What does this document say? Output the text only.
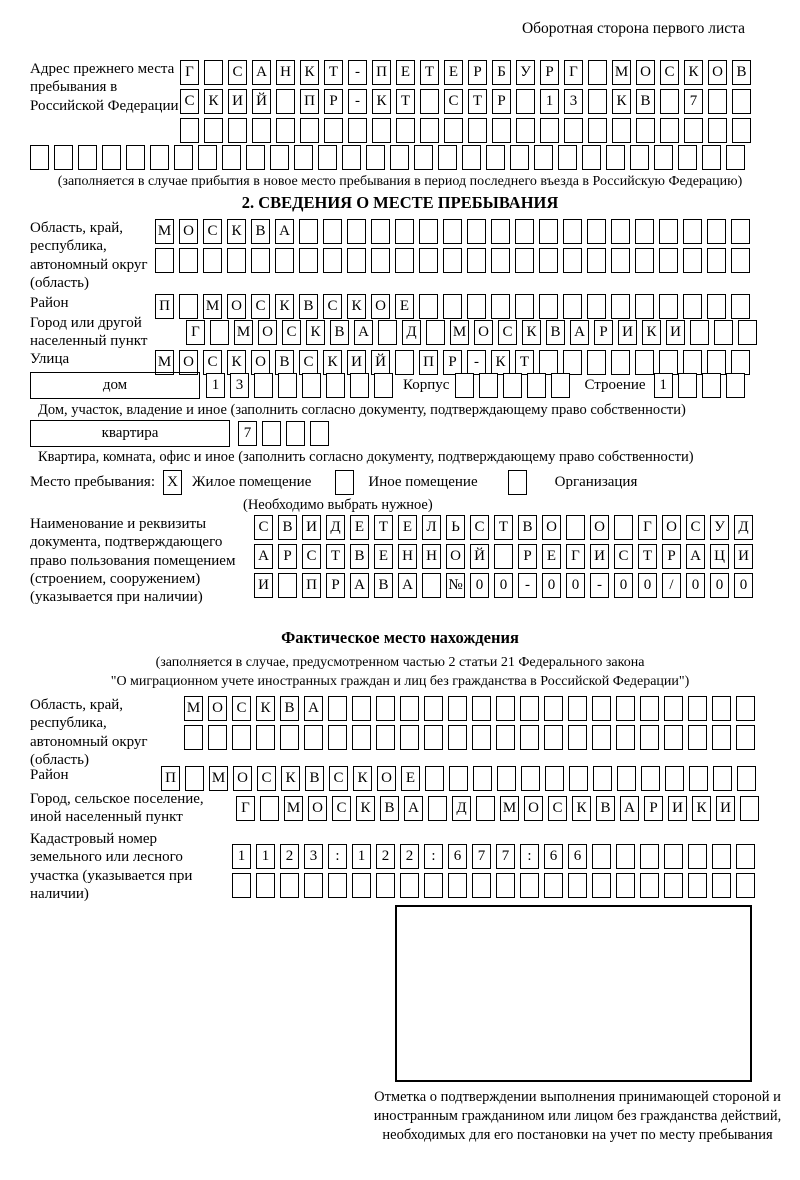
Оборотная сторона первого листа
Адрес прежнего места пребывания в Российской Федерации
Г	С А Н К Т	-	П Е Т Е	Р	Б У Р	Г	М О С К О В
С К И Й П Р	-	К Т	С Т	Р	1	3	К В	7
(заполняется в случае прибытия в новое место пребывания в период последнего въезда в Российскую Федерацию)
2. СВЕДЕНИЯ О МЕСТЕ ПРЕБЫВАНИЯ
Область, край, республика, автономный округ (область)
М О С К В А
Район	П М О С К В С К О Е
Город или другой населенный пункт
Г	М О С К В А Д М О С К В А Р И К И
Улица	М О С К О В С К И Й П Р	-	К Т
дом	1	3	Корпус	Строение 1
Дом, участок, владение и иное (заполнить согласно документу, подтверждающему право собственности)
квартира	7
Квартира, комната, офис и иное (заполнить согласно документу, подтверждающему право собственности)
Место пребывания: X Жилое помещение	Иное помещение	Организация
(Необходимо выбрать нужное)
Наименование и реквизиты документа, подтверждающего право пользования помещением (строением, сооружением) (указывается при наличии)
С В И Д Е Т Е Л Ь С Т В О О	Г О С У Д
А Р С Т В Е Н Н О Й	Р	Е	Г И С Т	Р А Ц И
И П Р А В А № 0	0	-	0	0	-	0	0	/	0	0	0
Фактическое место нахождения
(заполняется в случае, предусмотренном частью 2 статьи 21 Федерального закона
"О миграционном учете иностранных граждан и лиц без гражданства в Российской Федерации")
Область, край, республика, автономный округ (область)
М О С К В А
Район	П М О С К В С К О Е
Город, сельское поселение, иной населенный пункт
Г	М О С К В А Д М О С К В А Р И К И
Кадастровый номер земельного или лесного участка (указывается при наличии)
1	1	2	3	:	1	2	2	:	6	7	7	:	6	6
Отметка о подтверждении выполнения принимающей стороной и иностранным гражданином или лицом без гражданства действий, необходимых для его постановки на учет по месту пребывания
